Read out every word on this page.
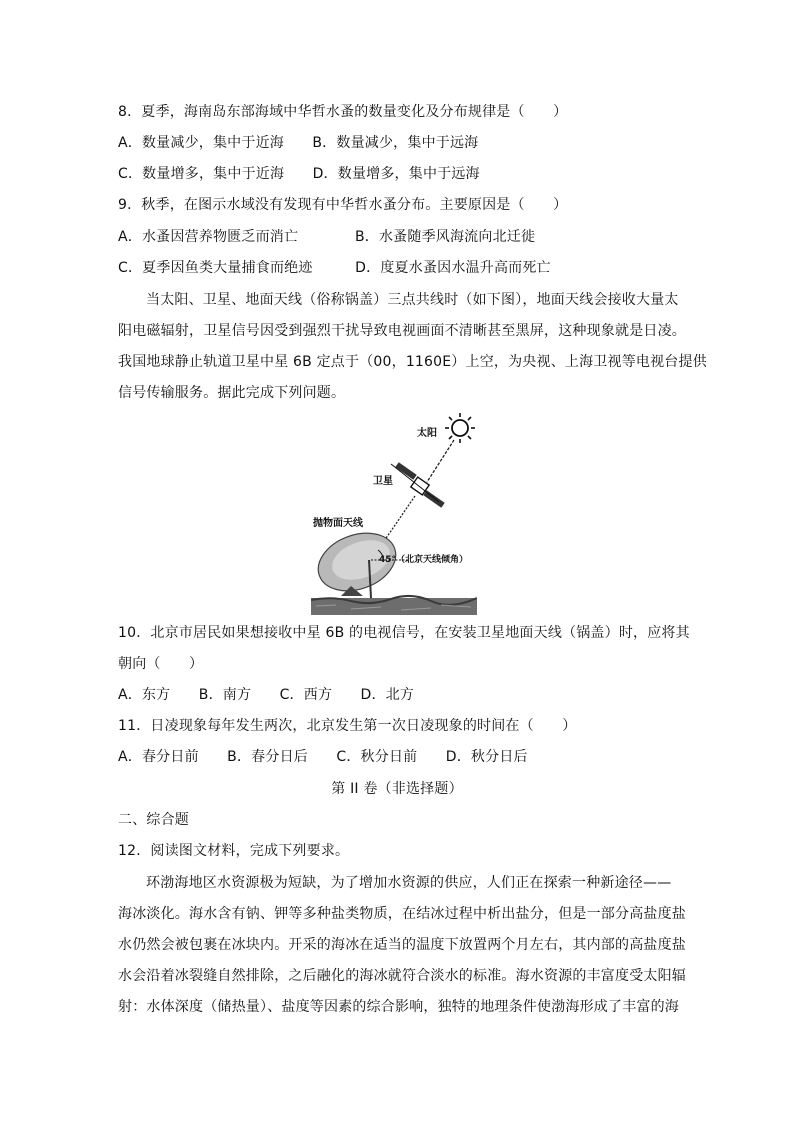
8．夏季，海南岛东部海域中华哲水蚤的数量变化及分布规律是（　　）
A．数量减少，集中于近海　　B．数量减少，集中于远海
C．数量增多，集中于近海　　D．数量增多，集中于远海
9．秋季，在图示水域没有发现有中华哲水蚤分布。主要原因是（　　）
A．水蚤因营养物匮乏而消亡　　　　B．水蚤随季风海流向北迁徙
C．夏季因鱼类大量捕食而绝迹　　　D．度夏水蚤因水温升高而死亡
当太阳、卫星、地面天线（俗称锅盖）三点共线时（如下图），地面天线会接收大量太
阳电磁辐射，卫星信号因受到强烈干扰导致电视画面不清晰甚至黑屏，这种现象就是日凌。
我国地球静止轨道卫星中星 6B 定点于（00，1160E）上空，为央视、上海卫视等电视台提供
信号传输服务。据此完成下列问题。
太阳
卫星
抛物面天线
45°（北京天线倾角）
10．北京市居民如果想接收中星 6B 的电视信号，在安装卫星地面天线（锅盖）时，应将其
朝向（　　）
A．东方　　B．南方　　C．西方　　D．北方
11．日凌现象每年发生两次，北京发生第一次日凌现象的时间在（　　）
A．春分日前　　B．春分日后　　C．秋分日前　　D．秋分日后
第 II 卷（非选择题）
二、综合题
12．阅读图文材料，完成下列要求。
环渤海地区水资源极为短缺，为了增加水资源的供应，人们正在探索一种新途径——
海冰淡化。海水含有钠、钾等多种盐类物质，在结冰过程中析出盐分，但是一部分高盐度盐
水仍然会被包裹在冰块内。开采的海冰在适当的温度下放置两个月左右，其内部的高盐度盐
水会沿着冰裂缝自然排除，之后融化的海冰就符合淡水的标准。海水资源的丰富度受太阳辐
射：水体深度（储热量）、盐度等因素的综合影响，独特的地理条件使渤海形成了丰富的海
